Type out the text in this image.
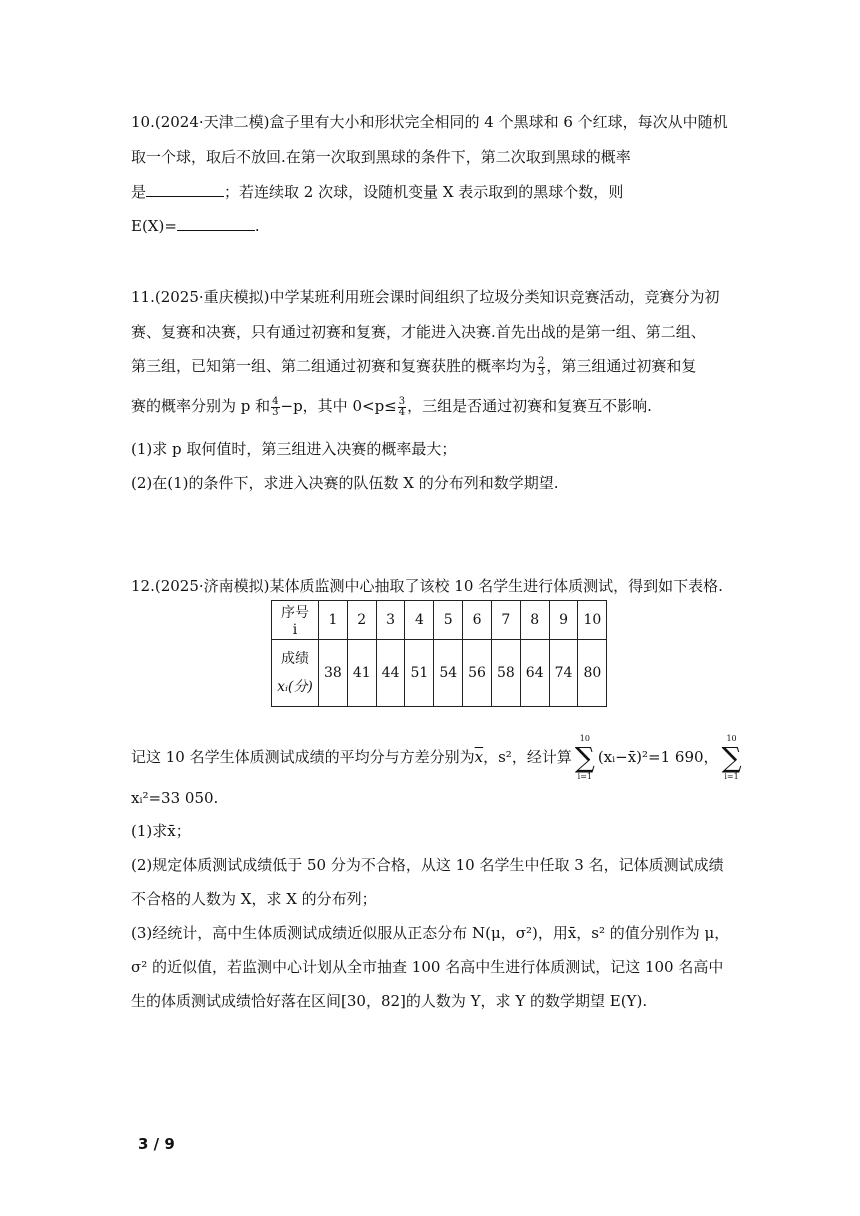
10.(2024·天津二模)盒子里有大小和形状完全相同的 4 个黑球和 6 个红球，每次从中随机
取一个球，取后不放回.在第一次取到黑球的条件下，第二次取到黑球的概率
是	；若连续取 2 次球，设随机变量 X 表示取到的黑球个数，则
E(X)=	.
11.(2025·重庆模拟)中学某班利用班会课时间组织了垃圾分类知识竞赛活动，竞赛分为初
赛、复赛和决赛，只有通过初赛和复赛，才能进入决赛.首先出战的是第一组、第二组、
第三组，已知第一组、第二组通过初赛和复赛获胜的概率均为 $\frac{2}{3}$ ，第三组通过初赛和复
赛的概率分别为 p 和 $\frac{4}{3} -p$，其中 $0<p\le \frac{3}{4}$ ，三组是否通过初赛和复赛互不影响.
(1)求 p 取何值时，第三组进入决赛的概率最大；
(2)在(1)的条件下，求进入决赛的队伍数 X 的分布列和数学期望.
12.(2025·济南模拟)某体质监测中心抽取了该校 10 名学生进行体质测试，得到如下表格.
序号 i	1	2	3	4	5	6	7	8	9	10

成绩
xᵢ(分)	38	41	44	51	54	56	58	64	74	80
记这 10 名学生体质测试成绩的平均分与方差分别为$\overline{x}$，s²，经计算
10
∑
i=1
(xᵢ−x̄)²=1 690，
10
∑
i=1
xᵢ²=33 050.
(1)求x̄；
(2)规定体质测试成绩低于 50 分为不合格，从这 10 名学生中任取 3 名，记体质测试成绩
不合格的人数为 X，求 X 的分布列；
(3)经统计，高中生体质测试成绩近似服从正态分布 N(μ，σ²)，用x̄，s² 的值分别作为 μ，
σ² 的近似值，若监测中心计划从全市抽查 100 名高中生进行体质测试，记这 100 名高中
生的体质测试成绩恰好落在区间[30，82]的人数为 Y，求 Y 的数学期望 E(Y).
3 / 9
